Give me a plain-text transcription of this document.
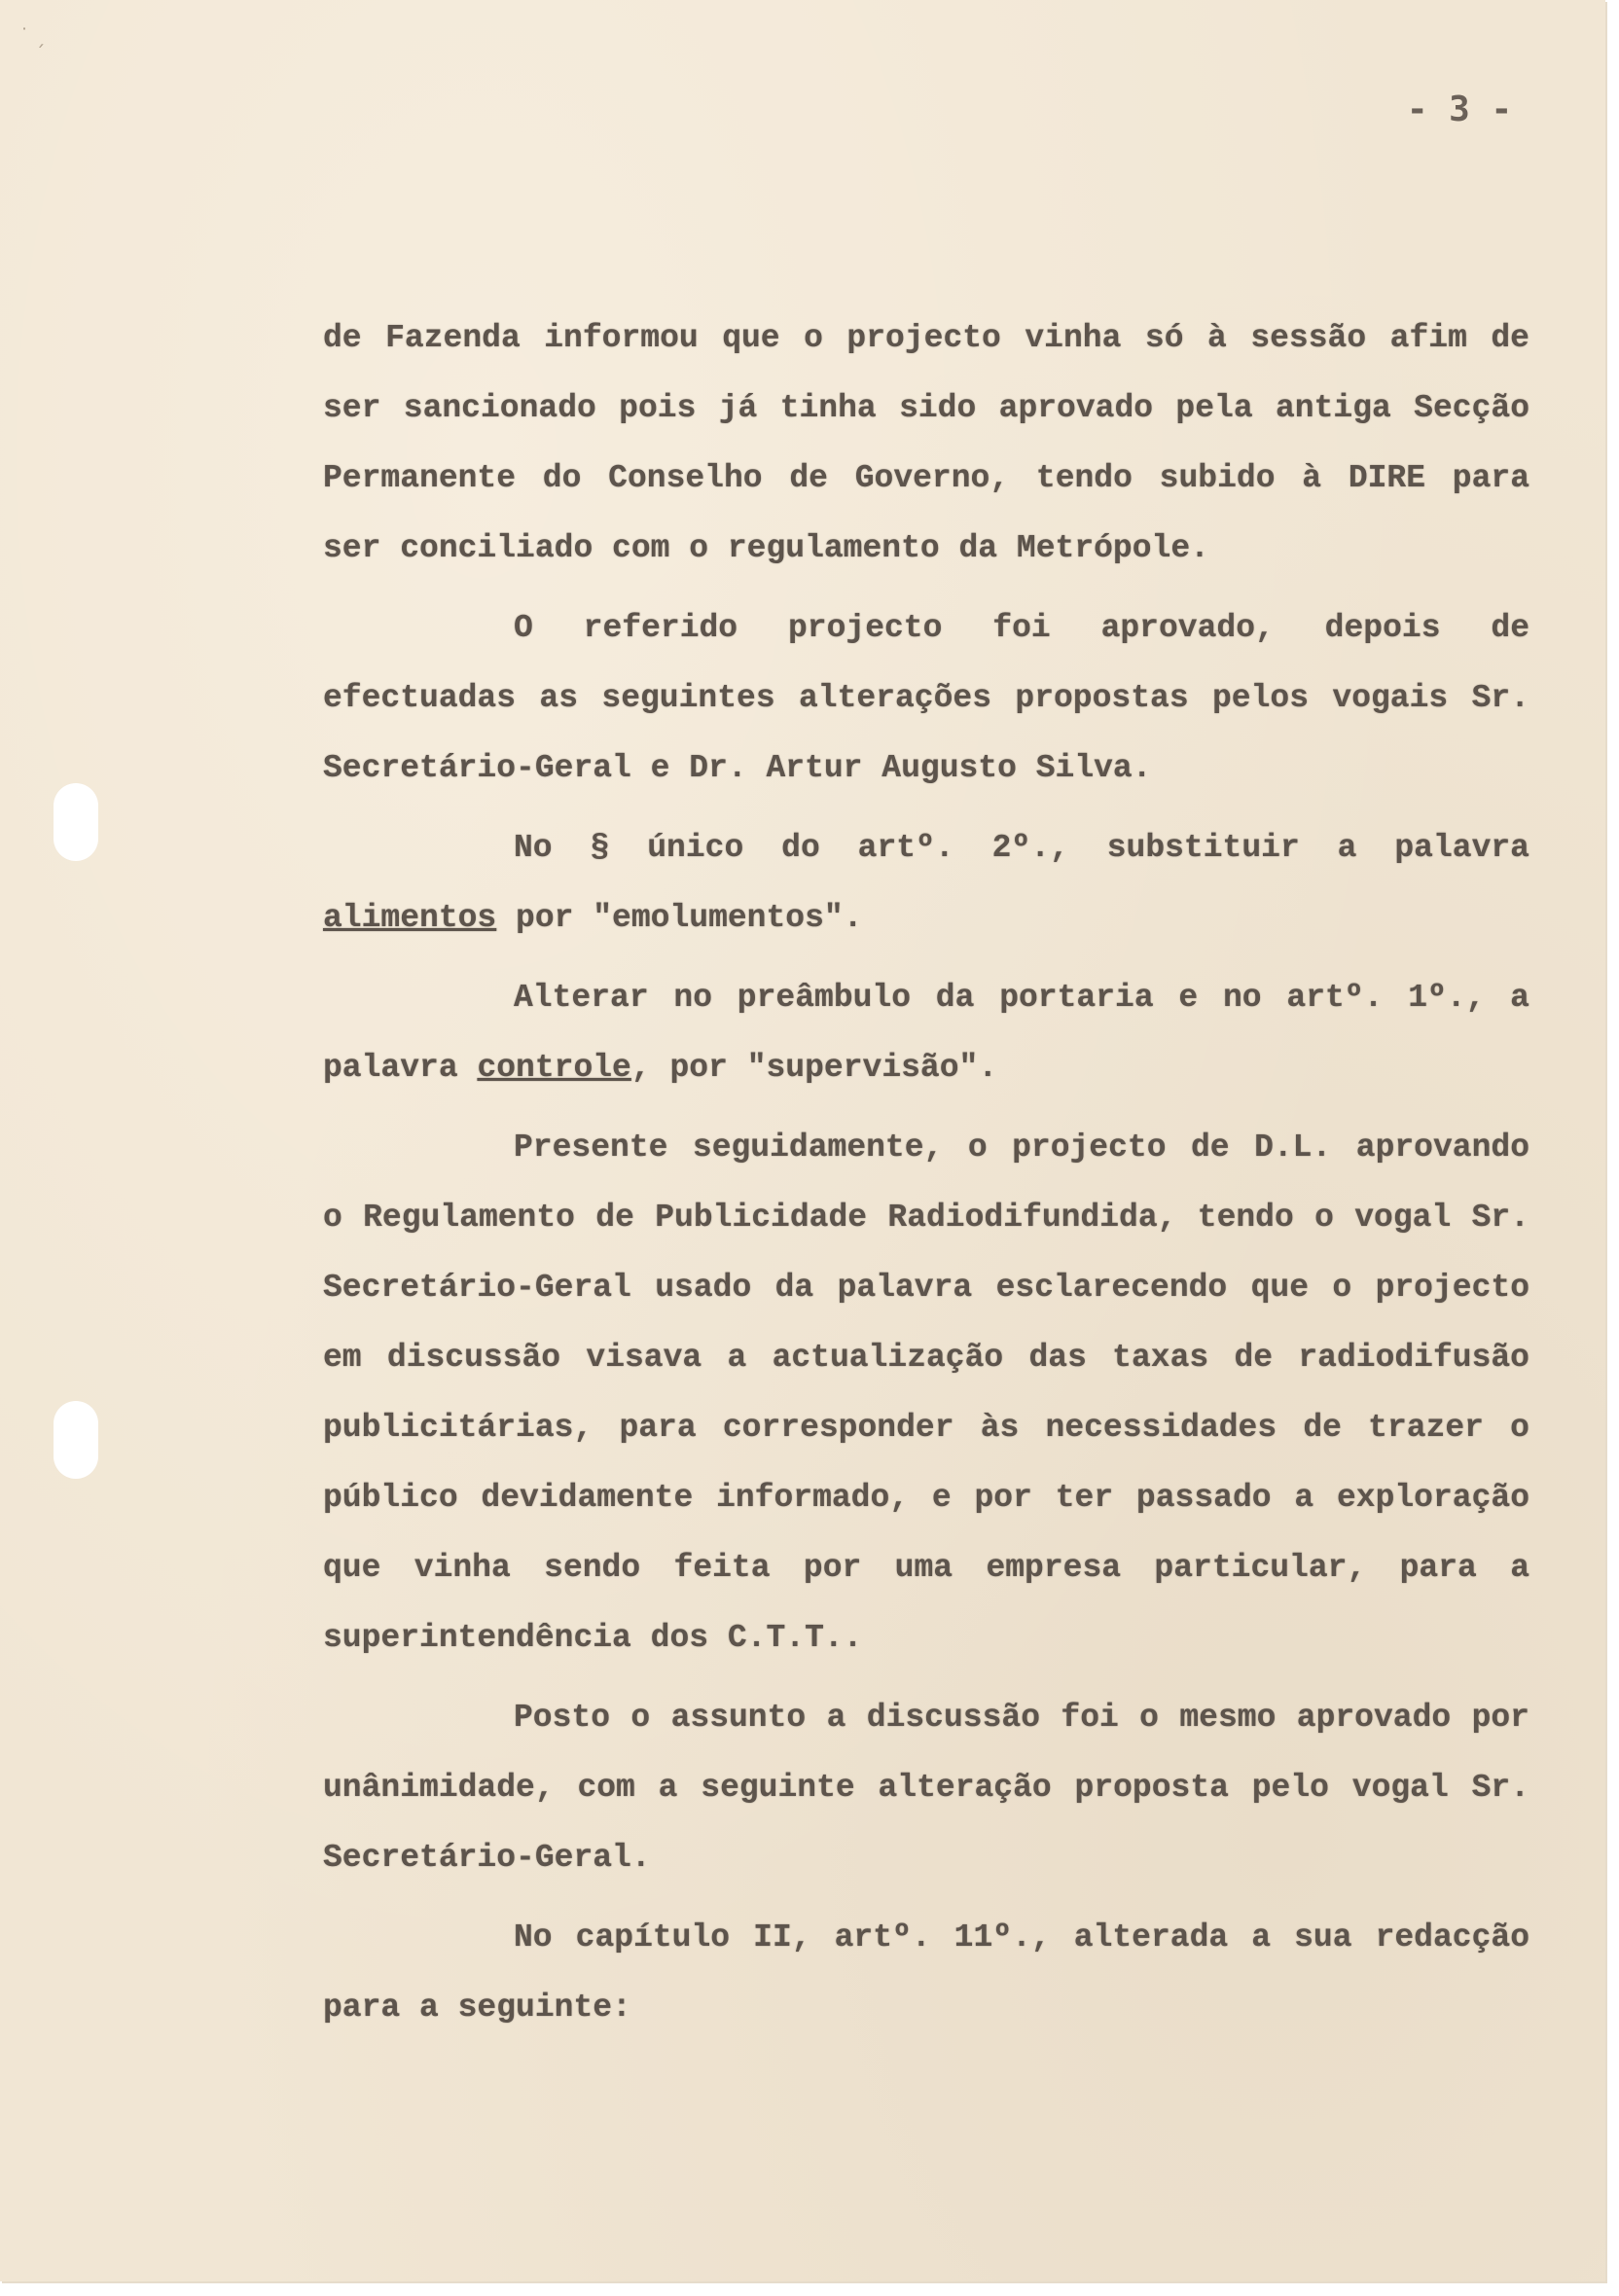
˙ ˏ
- 3 -

de Fazenda informou que o projecto vinha só à sessão afim de ser sancionado pois já tinha sido aprovado pela antiga Secção Permanente do Conselho de Governo, tendo subido à DIRE para ser conciliado com o regulamento da Metrópole.

O referido projecto foi aprovado, depois de efectuadas as seguintes alterações propostas pelos vogais Sr. Secretário-Geral e Dr. Artur Augusto Silva.

No § único do artº. 2º., substituir a palavra alimentos por "emolumentos".

Alterar no preâmbulo da portaria e no artº. 1º., a palavra controle, por "supervisão".

Presente seguidamente, o projecto de D.L. aprovando o Regulamento de Publicidade Radiodifundida, tendo o vogal Sr. Secretário-Geral usado da palavra esclarecendo que o projecto em discussão visava a actualização das taxas de radiodifusão publicitárias, para corresponder às necessidades de trazer o público devidamente informado, e por ter passado a exploração que vinha sendo feita por uma empresa particular, para a superintendência dos C.T.T..

Posto o assunto a discussão foi o mesmo aprovado por unânimidade, com a seguinte alteração proposta pelo vogal Sr. Secretário-Geral.

No capítulo II, artº. 11º., alterada a sua redacção para a seguinte:
